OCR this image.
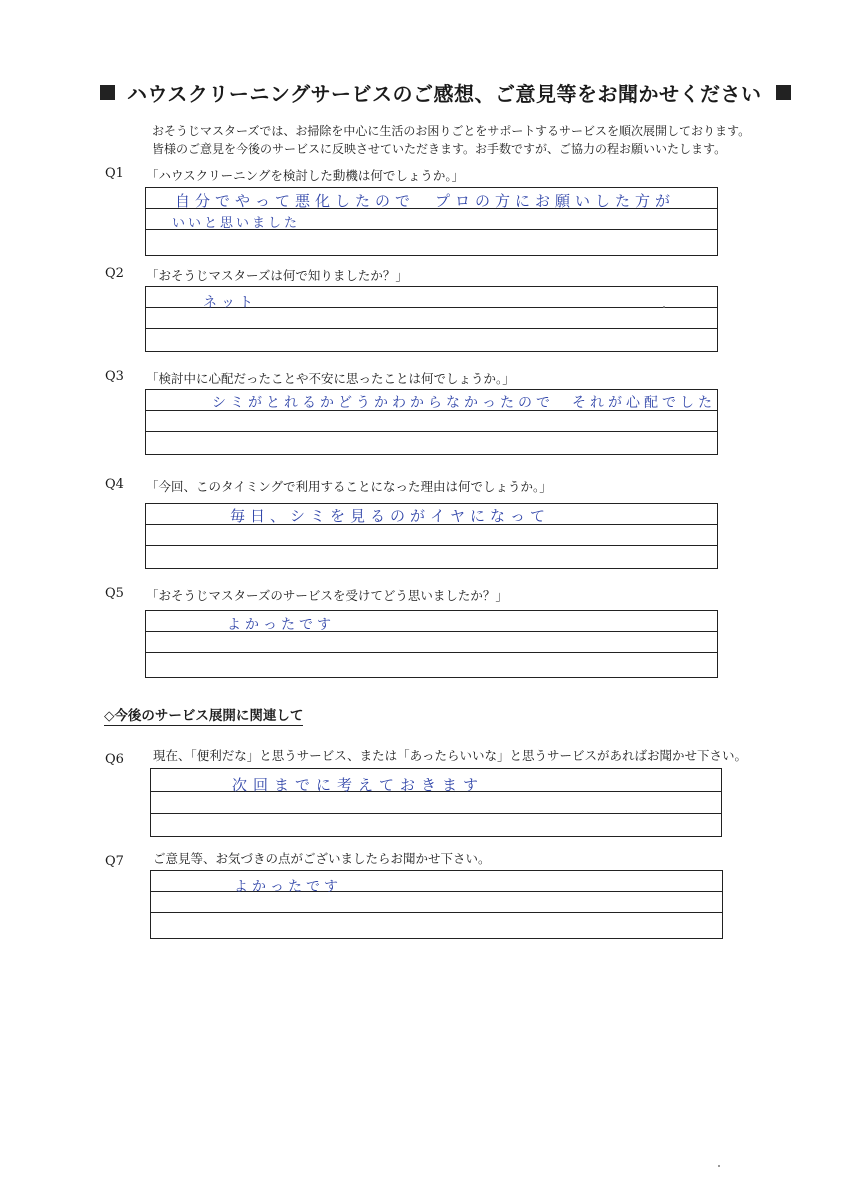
ハウスクリーニングサービスのご感想、ご意見等をお聞かせください
おそうじマスターズでは、お掃除を中心に生活のお困りごとをサポートするサービスを順次展開しております。
皆様のご意見を今後のサービスに反映させていただきます。お手数ですが、ご協力の程お願いいたします。
Q1 「ハウスクリーニングを検討した動機は何でしょうか。」
自分でやって悪化したので　プロの方にお願いした方が
いいと思いました
Q2 「おそうじマスターズは何で知りましたか？」
ネット
Q3 「検討中に心配だったことや不安に思ったことは何でしょうか。」
シミがとれるかどうかわからなかったので　それが心配でした
Q4 「今回、このタイミングで利用することになった理由は何でしょうか。」
毎日、シミを見るのがイヤになって
Q5 「おそうじマスターズのサービスを受けてどう思いましたか？」
よかったです
◇今後のサービス展開に関連して
Q6 現在、「便利だな」と思うサービス、または「あったらいいな」と思うサービスがあればお聞かせ下さい。
次回までに考えておきます
Q7 ご意見等、お気づきの点がございましたらお聞かせ下さい。
よかったです
